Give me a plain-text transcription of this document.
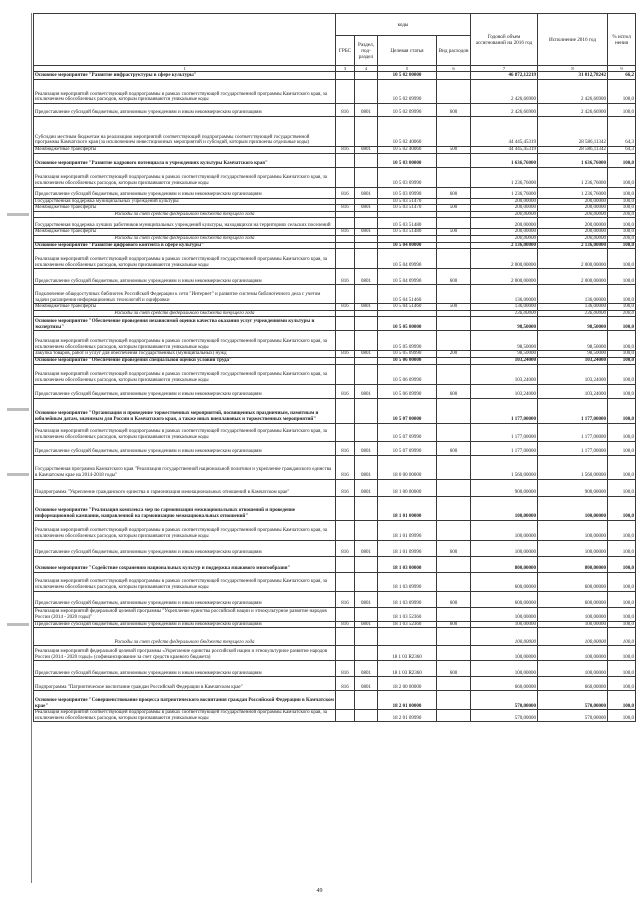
	коды				Годовой объем ассигнований на 2016 год	Исполнение 2016 год	% испол нения
	ГРБС	Раздел, под-раздел	Целевая статья	Вид расходов			
1	3	4	5	6	7	8	9
Основное мероприятие "Развитие инфраструктуры в сфере культуры"			10 5 02 00000		46 872,12219	31 012,78242	66,2
Реализация мероприятий соответствующей подпрограммы в рамках соответствующей государственной программы Камчатского края, за исключением обособленных расходов, которым присваиваются уникальные коды			10 5 02 09990		2 426,66900	2 426,66900	100,0
Предоставление субсидий бюджетным, автономным учреждениям и иным некоммерческим организациям	816	0801	10 5 02 09990	600	2 426,66900	2 426,66900	100,0
Субсидии местным бюджетам на реализацию мероприятий соответствующей подпрограммы соответствующей государственной программы Камчатского края (за исключением инвестиционных мероприятий и субсидий, которым присвоены отдельные коды)			10 5 02 40060		44 445,45319	28 586,11342	64,3
Межбюджетные трансферты	816	0801	10 5 02 40060	500	44 445,45319	28 586,11342	64,3
Основное мероприятие "Развитие кадрового потенциала в учреждениях культуры Камчатского края"			10 5 03 00000		1 636,76000	1 636,76000	100,0
Реализация мероприятий соответствующей подпрограммы в рамках соответствующей государственной программы Камчатского края, за исключением обособленных расходов, которым присваиваются уникальные коды			10 5 03 09990		1 236,76000	1 236,76000	100,0
Предоставление субсидий бюджетным, автономным учреждениям и иным некоммерческим организациям	816	0801	10 5 03 09990	600	1 236,76000	1 236,76000	100,0
Государственная поддержка муниципальных учреждений культуры			10 5 03 51470		200,00000	200,00000	100,0
Межбюджетные трансферты	816	0801	10 5 03 51470	500	200,00000	200,00000	100,0
Расходы за счет средств федерального бюджета текущего года					200,00000	200,00000	100,0
Государственная поддержка лучших работников муниципальных учреждений культуры, находящихся на территориях сельских поселений			10 5 03 51480		200,00000	200,00000	100,0
Межбюджетные трансферты	816	0801	10 5 03 51480	500	200,00000	200,00000	100,0
Расходы за счет средств федерального бюджета текущего года					200,00000	200,00000	100,0
Основное мероприятие "Развитие цифрового контента в сфере культуры"			10 5 04 00000		2 136,00000	2 136,00000	100,0
Реализация мероприятий соответствующей подпрограммы в рамках соответствующей государственной программы Камчатского края, за исключением обособленных расходов, которым присваиваются уникальные коды			10 5 04 09990		2 000,00000	2 000,00000	100,0
Предоставление субсидий бюджетным, автономным учреждениям и иным некоммерческим организациям	816	0801	10 5 04 09990	600	2 000,00000	2 000,00000	100,0
Подключение общедоступных библиотек Российской Федерации к сети "Интернет" и развитие системы библиотечного дела с учетом задачи расширения информационных технологий и оцифровки			10 5 04 51460		136,00000	136,00000	100,0
Межбюджетные трансферты	816	0801	10 5 04 51460	500	136,00000	136,00000	100,0
Расходы за счет средств федерального бюджета текущего года					136,00000	136,00000	100,0
Основное мероприятие "Обеспечение проведения независимой оценки качества оказания услуг учреждениями культуры и экспертизы"			10 5 05 00000		98,50000	98,50000	100,0
Реализация мероприятий соответствующей подпрограммы в рамках соответствующей государственной программы Камчатского края, за исключением обособленных расходов, которым присваиваются уникальные коды			10 5 05 09990		98,50000	98,50000	100,0
Закупка товаров, работ и услуг для обеспечения государственных (муниципальных) нужд	816	0801	10 5 05 09990	200	98,50000	98,50000	100,0
Основное мероприятие "Обеспечение проведения специальной оценки условий труда"			10 5 06 00000		103,24000	103,24000	100,0
Реализация мероприятий соответствующей подпрограммы в рамках соответствующей государственной программы Камчатского края, за исключением обособленных расходов, которым присваиваются уникальные коды			10 5 06 09990		103,24000	103,24000	100,0
Предоставление субсидий бюджетным, автономным учреждениям и иным некоммерческим организациям	816	0801	10 5 06 09990	600	103,24000	103,24000	100,0
Основное мероприятие "Организация и проведение торжественных мероприятий, посвященных праздничным, памятным и юбилейным датам, значимым для России и Камчатского края, а также иных внеплановых и торжественных мероприятий"			10 5 07 00000		1 177,00000	1 177,00000	100,0
Реализация мероприятий соответствующей подпрограммы в рамках соответствующей государственной программы Камчатского края, за исключением обособленных расходов, которым присваиваются уникальные коды			10 5 07 09990		1 177,00000	1 177,00000	100,0
Предоставление субсидий бюджетным, автономным учреждениям и иным некоммерческим организациям	816	0801	10 5 07 09990	600	1 177,00000	1 177,00000	100,0
Государственная программа Камчатского края "Реализация государственной национальной политики и укрепление гражданского единства в Камчатском крае на 2014-2018 годы"	816	0801	18 0 00 00000		1 560,00000	1 560,00000	100,0
Подпрограмма "Укрепление гражданского единства и гармонизация межнациональных отношений в Камчатском крае"	816	0801	18 1 00 00000		900,00000	900,00000	100,0
Основное мероприятие "Реализация комплекса мер по гармонизации межнациональных отношений и проведение информационной кампании, направленной на гармонизацию межнациональных отношений"			18 1 01 00000		100,00000	100,00000	100,0
Реализация мероприятий соответствующей подпрограммы в рамках соответствующей государственной программы Камчатского края, за исключением обособленных расходов, которым присваиваются уникальные коды			18 1 01 09990		100,00000	100,00000	100,0
Предоставление субсидий бюджетным, автономным учреждениям и иным некоммерческим организациям	816	0801	18 1 01 09990	600	100,00000	100,00000	100,0
Основное мероприятие "Содействие сохранению национальных культур и поддержка языкового многообразия"			18 1 03 00000		800,00000	800,00000	100,0
Реализация мероприятий соответствующей подпрограммы в рамках соответствующей государственной программы Камчатского края, за исключением обособленных расходов, которым присваиваются уникальные коды			18 1 03 09990		600,00000	600,00000	100,0
Предоставление субсидий бюджетным, автономным учреждениям и иным некоммерческим организациям	816	0801	18 1 03 09990	600	600,00000	600,00000	100,0
Реализация мероприятий федеральной целевой программы "Укрепление единства российской нации и этнокультурное развитие народов России (2014 - 2020 годы)"			18 1 03 52360		100,00000	100,00000	100,0
Предоставление субсидий бюджетным, автономным учреждениям и иным некоммерческим организациям	816	0801	18 1 03 52360	600	100,00000	100,00000	100,0
Расходы за счет средств федерального бюджета текущего года					100,00000	100,00000	100,0
Реализация мероприятий федеральной целевой программы «Укрепление единства российской нации и этнокультурное развитие народов России (2014 - 2020 годы)» (софинансирование за счет средств краевого бюджета)			18 1 03 R2360		100,00000	100,00000	100,0
Предоставление субсидий бюджетным, автономным учреждениям и иным некоммерческим организациям	816	0801	18 1 03 R2360	600	100,00000	100,00000	100,0
Подпрограмма "Патриотическое воспитание граждан Российской Федерации в Камчатском крае"	816	0801	18 2 00 00000		660,00000	660,00000	100,0
Основное мероприятие "Совершенствование процесса патриотического воспитания граждан Российской Федерации в Камчатском крае"			18 2 01 00000		570,00000	570,00000	100,0
Реализация мероприятий соответствующей подпрограммы в рамках соответствующей государственной программы Камчатского края, за исключением обособленных расходов, которым присваиваются уникальные коды			18 2 01 09990		570,00000	570,00000	100,0
49
